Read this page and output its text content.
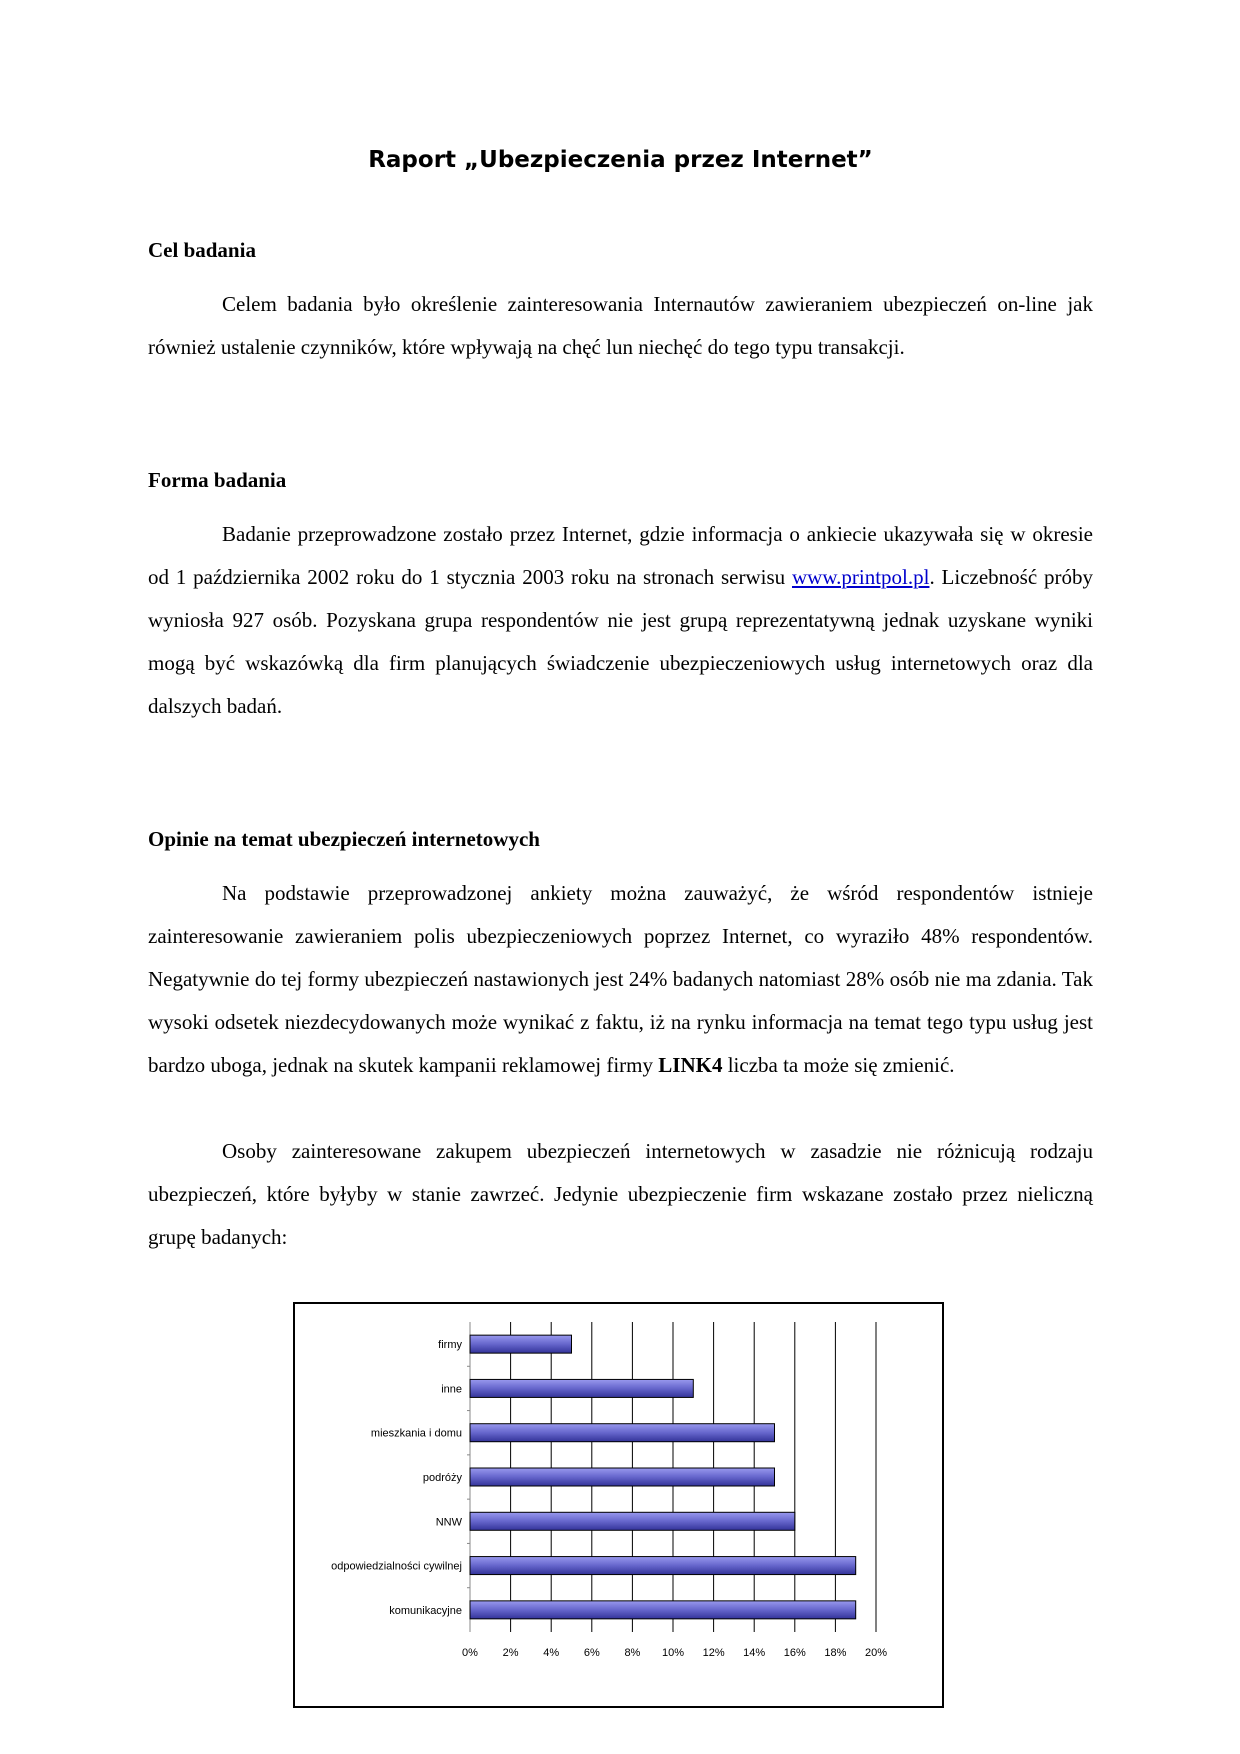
Raport „Ubezpieczenia przez Internet”
Cel badania

Celem badania było określenie zainteresowania Internautów zawieraniem ubezpieczeń on-line jak również ustalenie czynników, które wpływają na chęć lun niechęć do tego typu transakcji.

Forma badania

Badanie przeprowadzone zostało przez Internet, gdzie informacja o ankiecie ukazywała się w okresie od 1 października 2002 roku do 1 stycznia 2003 roku na stronach serwisu www.printpol.pl. Liczebność próby wyniosła 927 osób. Pozyskana grupa respondentów nie jest grupą reprezentatywną jednak uzyskane wyniki mogą być wskazówką dla firm planujących świadczenie ubezpieczeniowych usług internetowych oraz dla dalszych badań.

Opinie na temat ubezpieczeń internetowych

Na podstawie przeprowadzonej ankiety można zauważyć, że wśród respondentów istnieje zainteresowanie zawieraniem polis ubezpieczeniowych poprzez Internet, co wyraziło 48% respondentów. Negatywnie do tej formy ubezpieczeń nastawionych jest 24% badanych natomiast 28% osób nie ma zdania. Tak wysoki odsetek niezdecydowanych może wynikać z faktu, iż na rynku informacja na temat tego typu usług jest bardzo uboga, jednak na skutek kampanii reklamowej firmy LINK4 liczba ta może się zmienić.

Osoby zainteresowane zakupem ubezpieczeń internetowych w zasadzie nie różnicują rodzaju ubezpieczeń, które byłyby w stanie zawrzeć. Jedynie ubezpieczenie firm wskazane zostało przez nieliczną grupę badanych:

0% 2% 4% 6% 8% 10% 12% 14% 16% 18% 20%
firmy
inne
mieszkania i domu
podróży
NNW
odpowiedzialności cywilnej
komunikacyjne
